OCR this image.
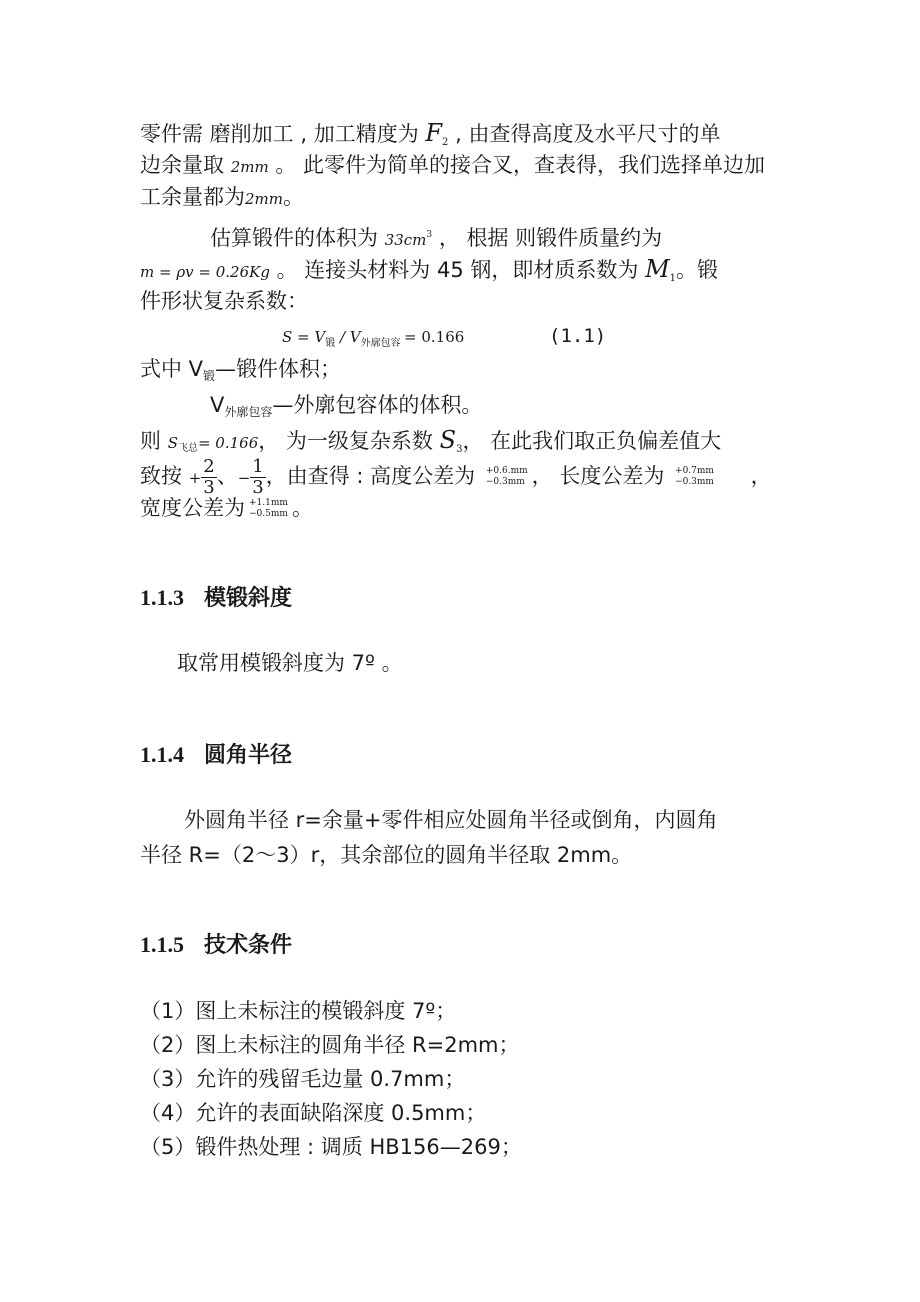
零件需 磨削加工 , 加工精度为 $F_2$ , 由查得高度及水平尺寸的单
边余量取 2mm 。 此零件为简单的接合叉，查表得，我们选择单边加
工余量都为2mm。
估算锻件的体积为 $33cm^3$ ， 根据 则锻件质量约为
m = ρv = 0.26Kg 。 连接头材料为 45 钢，即材质系数为 $M_1$。锻
件形状复杂系数：
$S = V_锻 / V_{外廓包容} = 0.166$	(1.1)
式中 V锻—锻件体积；
V外廓包容—外廓包容体的体积。
则 $S_{飞总}= 0.166$， 为一级复杂系数 $S_3$， 在此我们取正负偏差值大
致按 + $\frac{2}{3}$ 、− $\frac{1}{3}$ ，由查得 : 高度公差为 +0.6.mm
−0.3mm ， 长度公差为 +0.7mm
−0.3mm ，
宽度公差为 +1.1mm
−0.5mm 。
1.1.3 模锻斜度
取常用模锻斜度为 7º 。
1.1.4 圆角半径
外圆角半径 r=余量+零件相应处圆角半径或倒角，内圆角
半径 R=（2～3）r，其余部位的圆角半径取 2mm。
1.1.5 技术条件
（1）图上未标注的模锻斜度 7º；
（2）图上未标注的圆角半径 R=2mm；
（3）允许的残留毛边量 0.7mm；
（4）允许的表面缺陷深度 0.5mm；
（5）锻件热处理 : 调质 HB156—269；
